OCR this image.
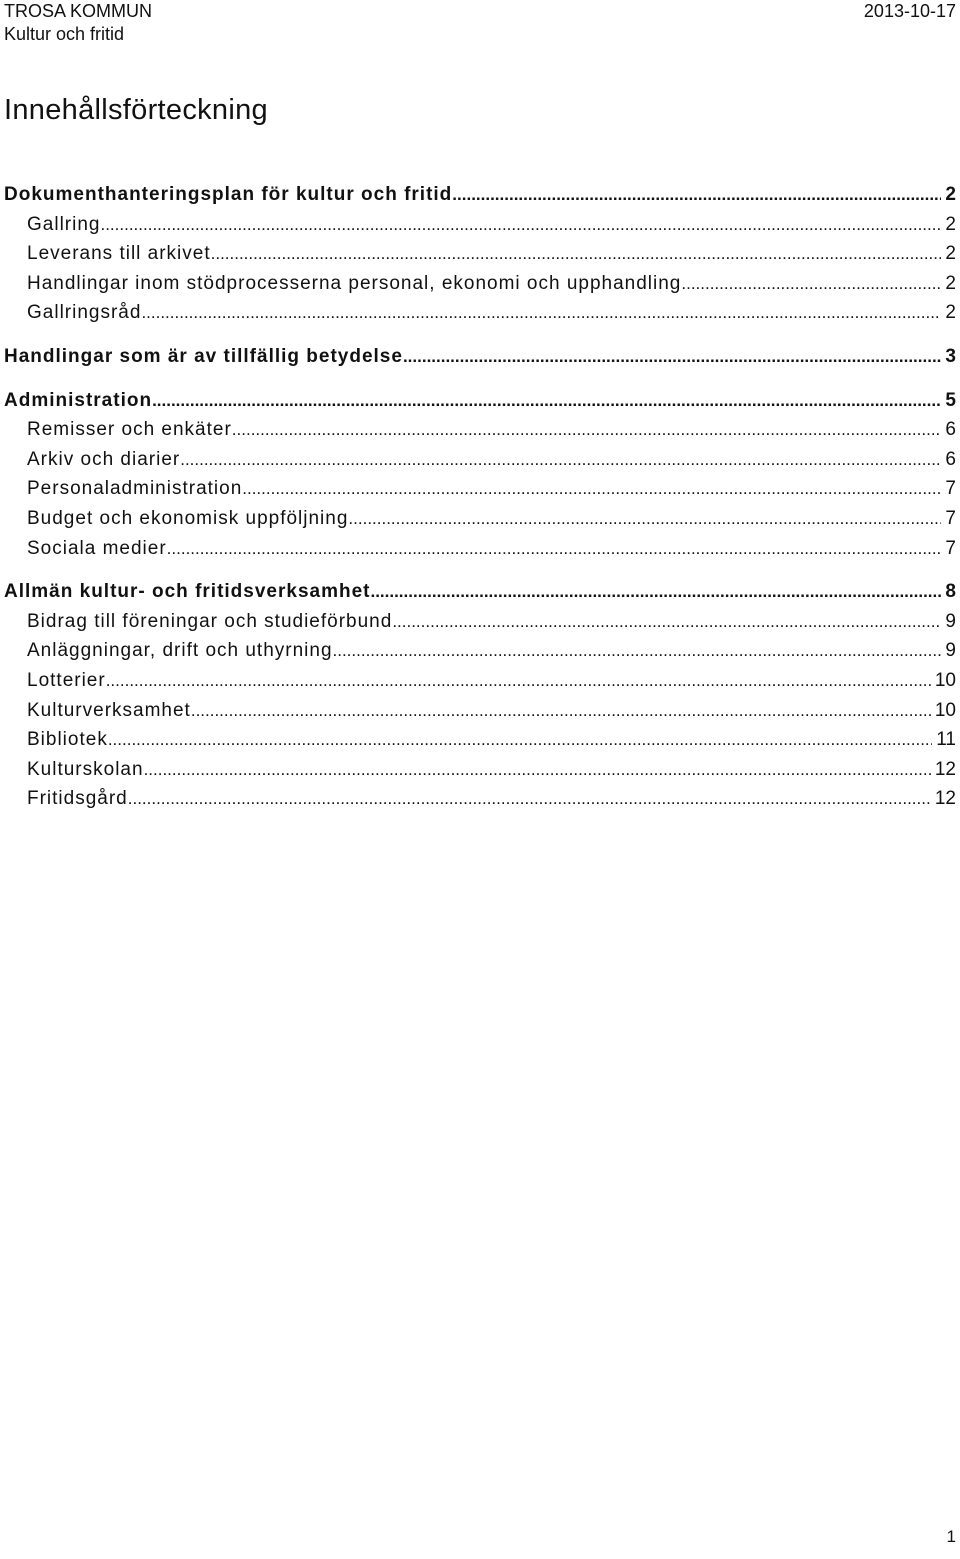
TROSA KOMMUN
Kultur och fritid
2013-10-17
Innehållsförteckning
Dokumenthanteringsplan för kultur och fritid .....	2
Gallring .....	2
Leverans till arkivet .....	2
Handlingar inom stödprocesserna personal, ekonomi och upphandling .....	2
Gallringsråd .....	2
Handlingar som är av tillfällig betydelse .....	3
Administration .....	5
Remisser och enkäter .....	6
Arkiv och diarier .....	6
Personaladministration .....	7
Budget och ekonomisk uppföljning .....	7
Sociala medier .....	7
Allmän kultur- och fritidsverksamhet .....	8
Bidrag till föreningar och studieförbund .....	9
Anläggningar, drift och uthyrning .....	9
Lotterier .....	10
Kulturverksamhet .....	10
Bibliotek .....	11
Kulturskolan .....	12
Fritidsgård .....	12
1
